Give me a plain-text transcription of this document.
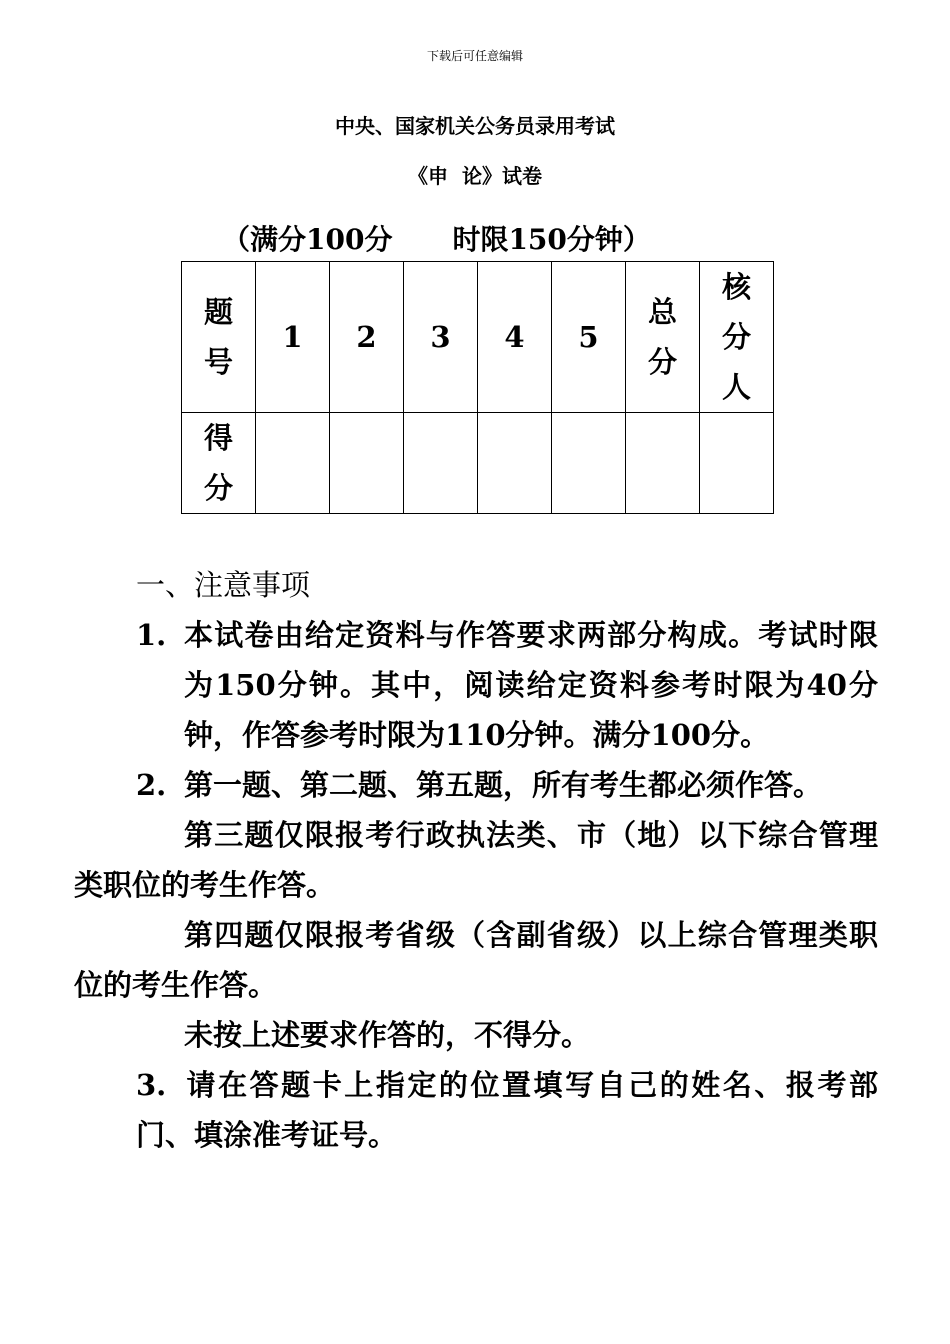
下载后可任意编辑
中央、国家机关公务员录用考试
《申  论》试卷
（满分100分 时限150分钟）
题号	1	2	3	4	5	总分	核分人

得分							

一、注意事项
1. 本试卷由给定资料与作答要求两部分构成。考试时限为150分钟。其中，阅读给定资料参考时限为40分钟，作答参考时限为110分钟。满分100分。
2. 第一题、第二题、第五题，所有考生都必须作答。
第三题仅限报考行政执法类、市（地）以下综合管理类职位的考生作答。
第四题仅限报考省级（含副省级）以上综合管理类职位的考生作答。
未按上述要求作答的，不得分。
3. 请在答题卡上指定的位置填写自己的姓名、报考部门、填涂准考证号。
